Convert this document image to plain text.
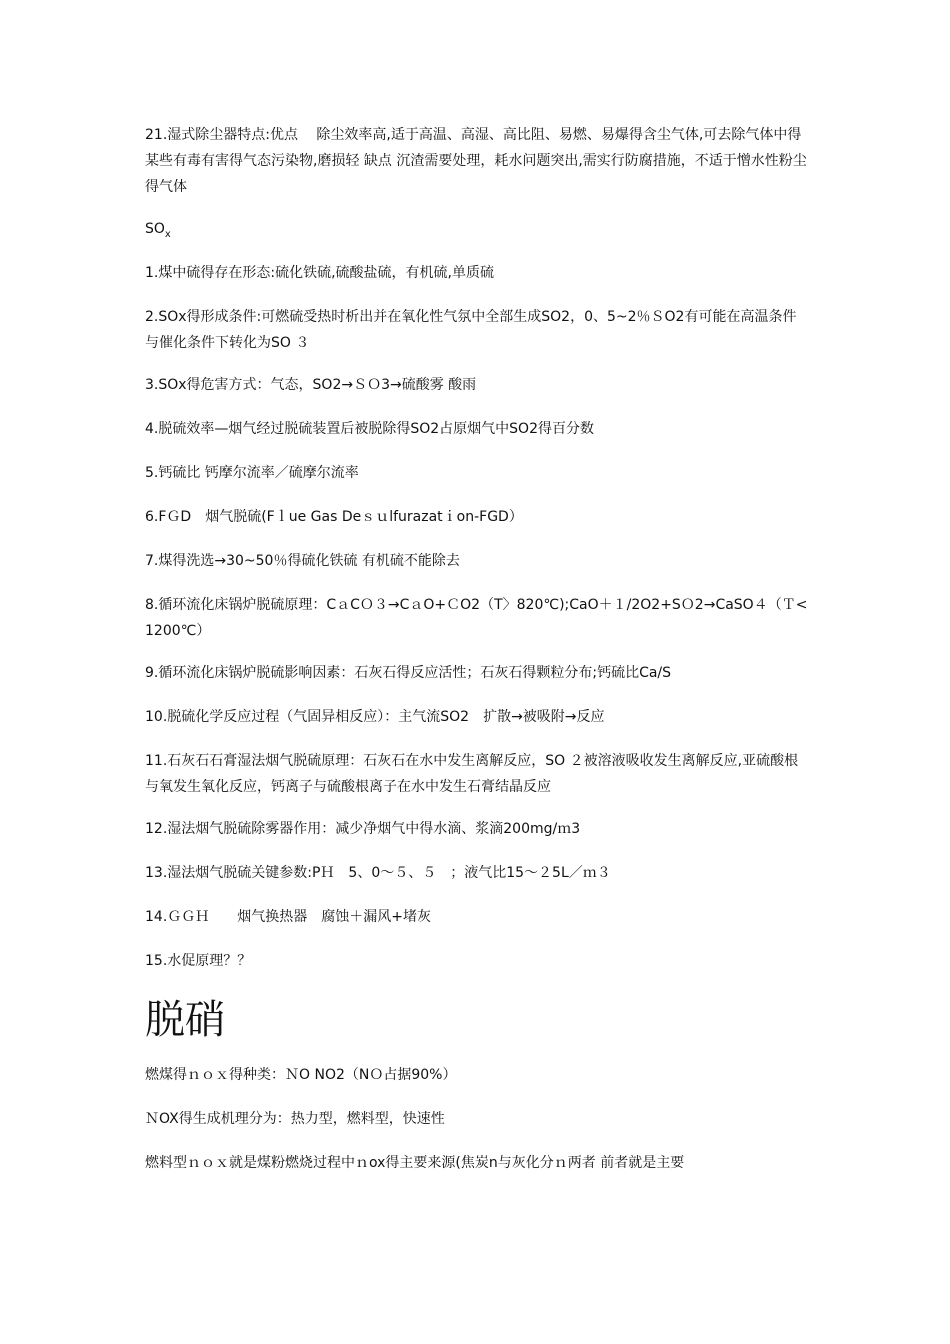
21.湿式除尘器特点:优点　 除尘效率高,适于高温、高湿、高比阻、易燃、易爆得含尘气体,可去除气体中得某些有毒有害得气态污染物,磨损轻 缺点 沉渣需要处理，耗水问题突出,需实行防腐措施，不适于憎水性粉尘得气体

$SO_x$

1.煤中硫得存在形态:硫化铁硫,硫酸盐硫，有机硫,单质硫

2.SOx得形成条件:可燃硫受热时析出并在氧化性气氛中全部生成SO2，0、5~2％ＳO2有可能在高温条件与催化条件下转化为SO ３

3.SOx得危害方式：气态，SO2→ＳＯ3→硫酸雾 酸雨

4.脱硫效率—烟气经过脱硫装置后被脱除得SO2占原烟气中SO2得百分数

5.钙硫比 钙摩尔流率／硫摩尔流率

6.FＧD　烟气脱硫(Fｌue Gas Deｓｕlfurazatｉon-FGD）

7.煤得洗选→30~50％得硫化铁硫 有机硫不能除去

8.循环流化床锅炉脱硫原理：CａCＯ３→CａO+ＣO2（T〉820℃);CaO＋１/2O2+SＯ2→CaSO４（Ｔ<1200℃）

9.循环流化床锅炉脱硫影响因素：石灰石得反应活性；石灰石得颗粒分布;钙硫比Ca/S

10.脱硫化学反应过程（气固异相反应）：主气流SO2　扩散→被吸附→反应

11.石灰石石膏湿法烟气脱硫原理：石灰石在水中发生离解反应，SO ２被溶液吸收发生离解反应,亚硫酸根与氧发生氧化反应，钙离子与硫酸根离子在水中发生石膏结晶反应

12.湿法烟气脱硫除雾器作用：减少净烟气中得水滴、浆滴200mg/ｍ3

13.湿法烟气脱硫关键参数:PＨ　5、0～５、５　；液气比15～２5L／ｍ３

14.ＧＧＨ　　烟气换热器　腐蚀＋漏风+堵灰

15.水促原理？？

脱硝

燃煤得ｎｏｘ得种类：ＮO NO2（NＯ占据90%）

ＮOX得生成机理分为：热力型，燃料型，快速性

燃料型ｎｏｘ就是煤粉燃烧过程中ｎox得主要来源(焦炭n与灰化分ｎ两者 前者就是主要
